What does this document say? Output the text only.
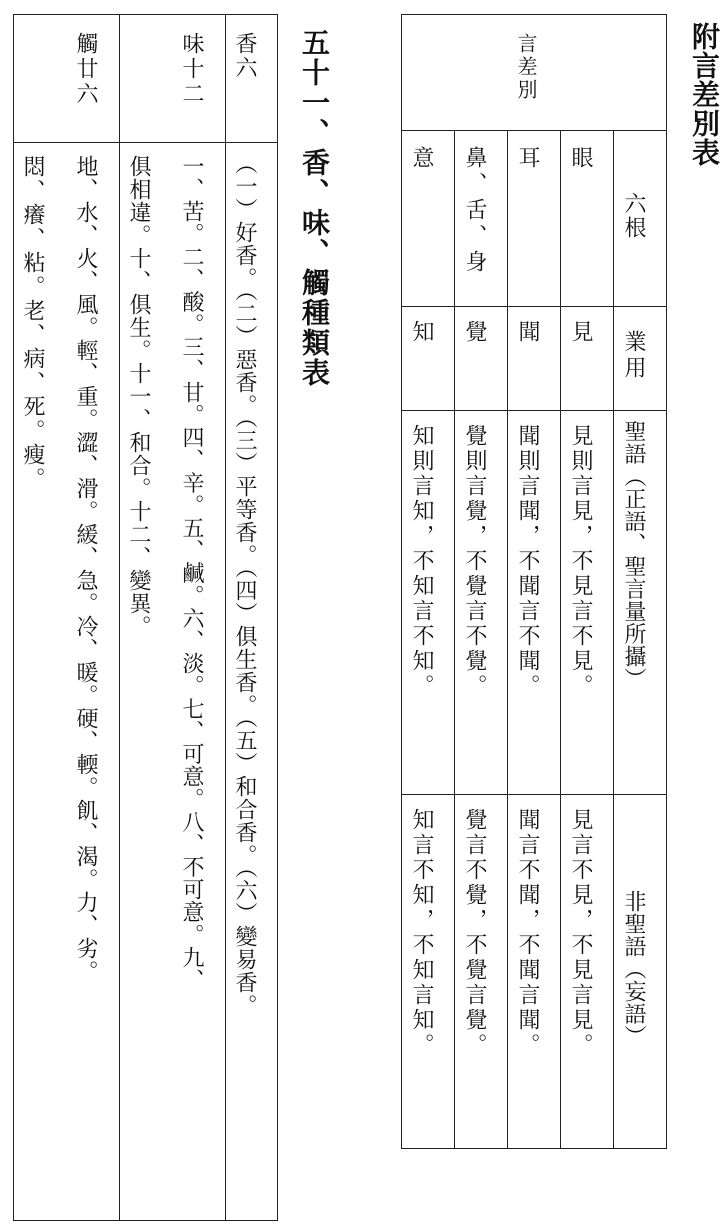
附言差別表
五十一、香、味、觸種類表
香六
（一）好香。（二）惡香。（三）平等香。（四）俱生香。（五）和合香。（六）變易香。
味十二
一、苦。二、酸。三、甘。四、辛。五、鹹。六、淡。七、可意。八、不可意。九、
俱相違。十、俱生。十一、和合。十二、變異。
觸廿六
地、水、火、風。輕、重。澀、滑。緩、急。冷、暖。硬、輭。飢、渴。力、劣。
悶、癢、粘。老、病、死。瘦。
言差別
六根
業用
聖語（正語、聖言量所攝）
非聖語（妄語）
眼
見
見則言見，不見言不見。
見言不見，不見言見。
耳
聞
聞則言聞，不聞言不聞。
聞言不聞，不聞言聞。
鼻、舌、身
覺
覺則言覺，不覺言不覺。
覺言不覺，不覺言覺。
意
知
知則言知，不知言不知。
知言不知，不知言知。
